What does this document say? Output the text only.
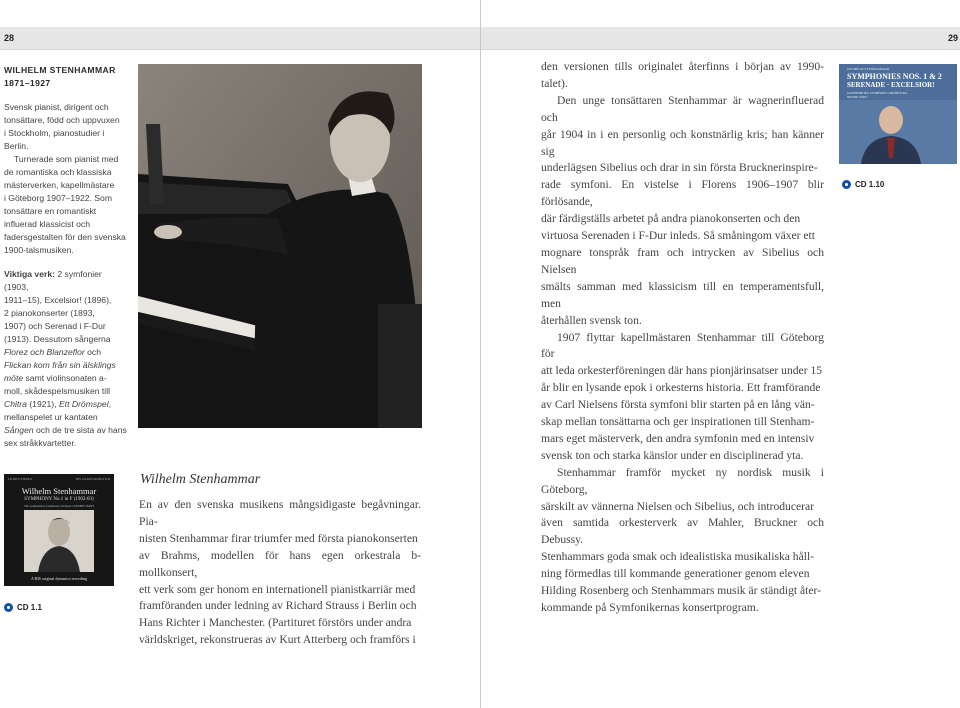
28

WILHELM STENHAMMAR

1871–1927

Svensk pianist, dirigent och

tonsättare, född och uppvuxen

i Stockholm, pianostudier i

Berlin.

Turnerade som pianist med

de romantiska och klassiska

mästerverken, kapellmästare

i Göteborg 1907–1922. Som

tonsättare en romantiskt

influerad klassicist och

fadersgestalten för den svenska

1900-talsmusiken.

Viktiga verk: 2 symfonier (1903,

1911–15), Excelsior! (1896),

2 pianokonserter (1893,

1907) och Serenad i F-Dur

(1913). Dessutom sångerna

Florez och Blanzeflor och

Flickan kom från sin älsklings

möte samt violinsonaten a-

moll, skådespelsmusiken till

Chitra (1921), Ett Drömspel,

mellanspelet ur kantaten

Sången och de tre sista av hans

sex stråkkvartetter.

Wilhelm Stenhammar

En av den svenska musikens mångsidigaste begåvningar. Pia-

nisten Stenhammar firar triumfer med första pianokonserten

av Brahms, modellen för hans egen orkestrala b-mollkonsert,

ett verk som ger honom en internationell pianistkarriär med

framföranden under ledning av Richard Strauss i Berlin och

Hans Richter i Manchester. (Partituret förstörs under andra

världskriget, rekonstrueras av Kurt Atterberg och framförs i

CD BIS 8 STEREO	BIS-CD-ROSTROPOVICH
Wilhelm Stenhammar
SYMPHONY No.1 in F (1902-03)
The Gothenburg Symphony Orchestra NEEME JÄRVI
A BIS original dynamics recording
CD 1.1
29

den versionen tills originalet återfinns i början av 1990-talet).

Den unge tonsättaren Stenhammar är wagnerinfluerad och

går 1904 in i en personlig och konstnärlig kris; han känner sig

underlägsen Sibelius och drar in sin första Brucknerinspire-

rade symfoni. En vistelse i Florens 1906–1907 blir förlösande,

där färdigställs arbetet på andra pianokonserten och den

virtuosa Serenaden i F-Dur inleds. Så småningom växer ett

mognare tonspråk fram och intrycken av Sibelius och Nielsen

smälts samman med klassicism till en temperamentsfull, men

återhållen svensk ton.

1907 flyttar kapellmästaren Stenhammar till Göteborg för

att leda orkesterföreningen där hans pionjärinsatser under 15

år blir en lysande epok i orkesterns historia. Ett framförande

av Carl Nielsens första symfoni blir starten på en lång vän-

skap mellan tonsättarna och ger inspirationen till Stenham-

mars eget mästerverk, den andra symfonin med en intensiv

svensk ton och starka känslor under en disciplinerad yta.

Stenhammar framför mycket ny nordisk musik i Göteborg,

särskilt av vännerna Nielsen och Sibelius, och introducerar

även samtida orkesterverk av Mahler, Bruckner och Debussy.

Stenhammars goda smak och idealistiska musikaliska håll-

ning förmedlas till kommande generationer genom eleven

Hilding Rosenberg och Stenhammars musik är ständigt åter-

kommande på Symfonikernas konsertprogram.

WILHELM STENHAMMAR
SYMPHONIES NOS. 1 & 2
SERENADE · EXCELSIOR!
GOTHENBURG SYMPHONY ORCHESTRA
NEEME JÄRVI
CD 1.10
